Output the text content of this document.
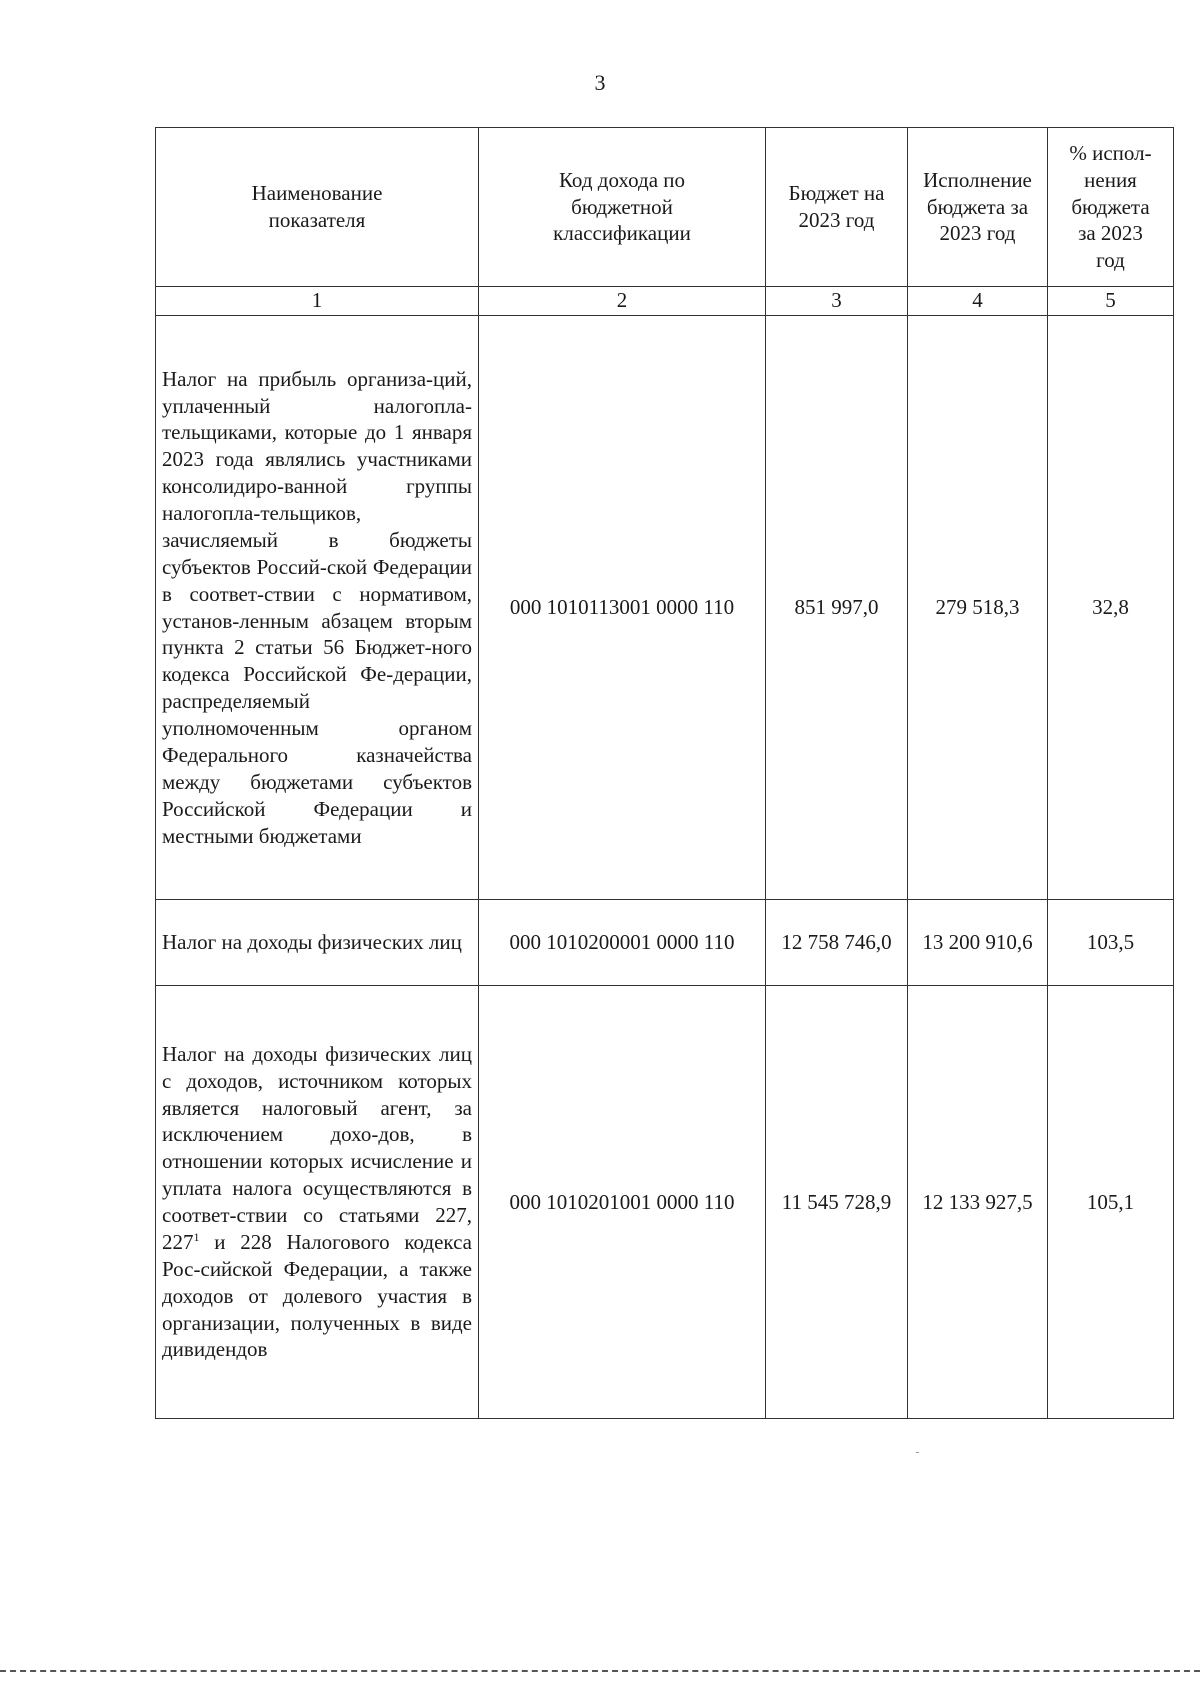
3
Наименование показателя	Код дохода по бюджетной классификации	Бюджет на 2023 год	Исполнение бюджета за 2023 год	% испол-нения бюджета за 2023 год
1	2	3	4	5

Налог на прибыль организа-ций, уплаченный налогопла-тельщиками, которые до 1 января 2023 года являлись участниками консолидиро-ванной группы налогопла-тельщиков, зачисляемый в бюджеты субъектов Россий-ской Федерации в соответ-ствии с нормативом, установ-ленным абзацем вторым пункта 2 статьи 56 Бюджет-ного кодекса Российской Фе-дерации, распределяемый уполномоченным органом Федерального казначейства между бюджетами субъектов Российской Федерации и местными бюджетами	000 1010113001 0000 110	851 997,0	279 518,3	32,8

Налог на доходы физических лиц	000 1010200001 0000 110	12 758 746,0	13 200 910,6	103,5

Налог на доходы физических лиц с доходов, источником которых является налоговый агент, за исключением дохо-дов, в отношении которых исчисление и уплата налога осуществляются в соответ-ствии со статьями 227, $227^1$ и 228 Налогового кодекса Рос-сийской Федерации, а также доходов от долевого участия в организации, полученных в виде дивидендов	000 1010201001 0000 110	11 545 728,9	12 133 927,5	105,1
